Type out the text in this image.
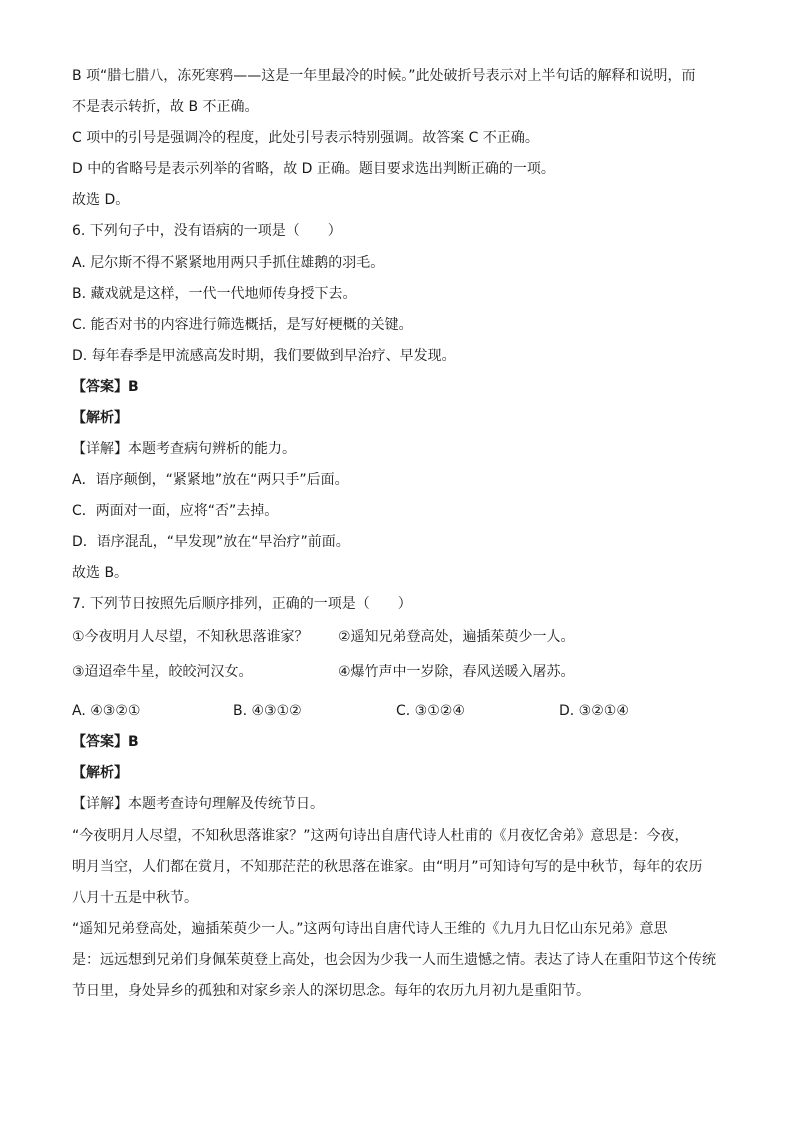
B 项“腊七腊八，冻死寒鸦——这是一年里最冷的时候。”此处破折号表示对上半句话的解释和说明，而
不是表示转折，故 B 不正确。
C 项中的引号是强调冷的程度，此处引号表示特别强调。故答案 C 不正确。
D 中的省略号是表示列举的省略，故 D 正确。题目要求选出判断正确的一项。
故选 D。
6. 下列句子中，没有语病的一项是（　　）
A. 尼尔斯不得不紧紧地用两只手抓住雄鹅的羽毛。
B. 藏戏就是这样，一代一代地师传身授下去。
C. 能否对书的内容进行筛选概括，是写好梗概的关键。
D. 每年春季是甲流感高发时期，我们要做到早治疗、早发现。
【答案】B
【解析】
【详解】本题考查病句辨析的能力。
A．语序颠倒，“紧紧地”放在“两只手”后面。
C．两面对一面，应将“否”去掉。
D．语序混乱，“早发现”放在“早治疗”前面。
故选 B。
7. 下列节日按照先后顺序排列，正确的一项是（　　）
①今夜明月人尽望，不知秋思落谁家？ ②遥知兄弟登高处，遍插茱萸少一人。
③迢迢牵牛星，皎皎河汉女。	④爆竹声中一岁除，春风送暖入屠苏。
A. ④③②①	B. ④③①②	C. ③①②④	D. ③②①④
【答案】B
【解析】
【详解】本题考查诗句理解及传统节日。
“今夜明月人尽望，不知秋思落谁家？”这两句诗出自唐代诗人杜甫的《月夜忆舍弟》意思是：今夜，
明月当空，人们都在赏月，不知那茫茫的秋思落在谁家。由“明月”可知诗句写的是中秋节，每年的农历
八月十五是中秋节。
“遥知兄弟登高处，遍插茱萸少一人。”这两句诗出自唐代诗人王维的《九月九日忆山东兄弟》意思
是：远远想到兄弟们身佩茱萸登上高处，也会因为少我一人而生遗憾之情。表达了诗人在重阳节这个传统
节日里，身处异乡的孤独和对家乡亲人的深切思念。每年的农历九月初九是重阳节。
